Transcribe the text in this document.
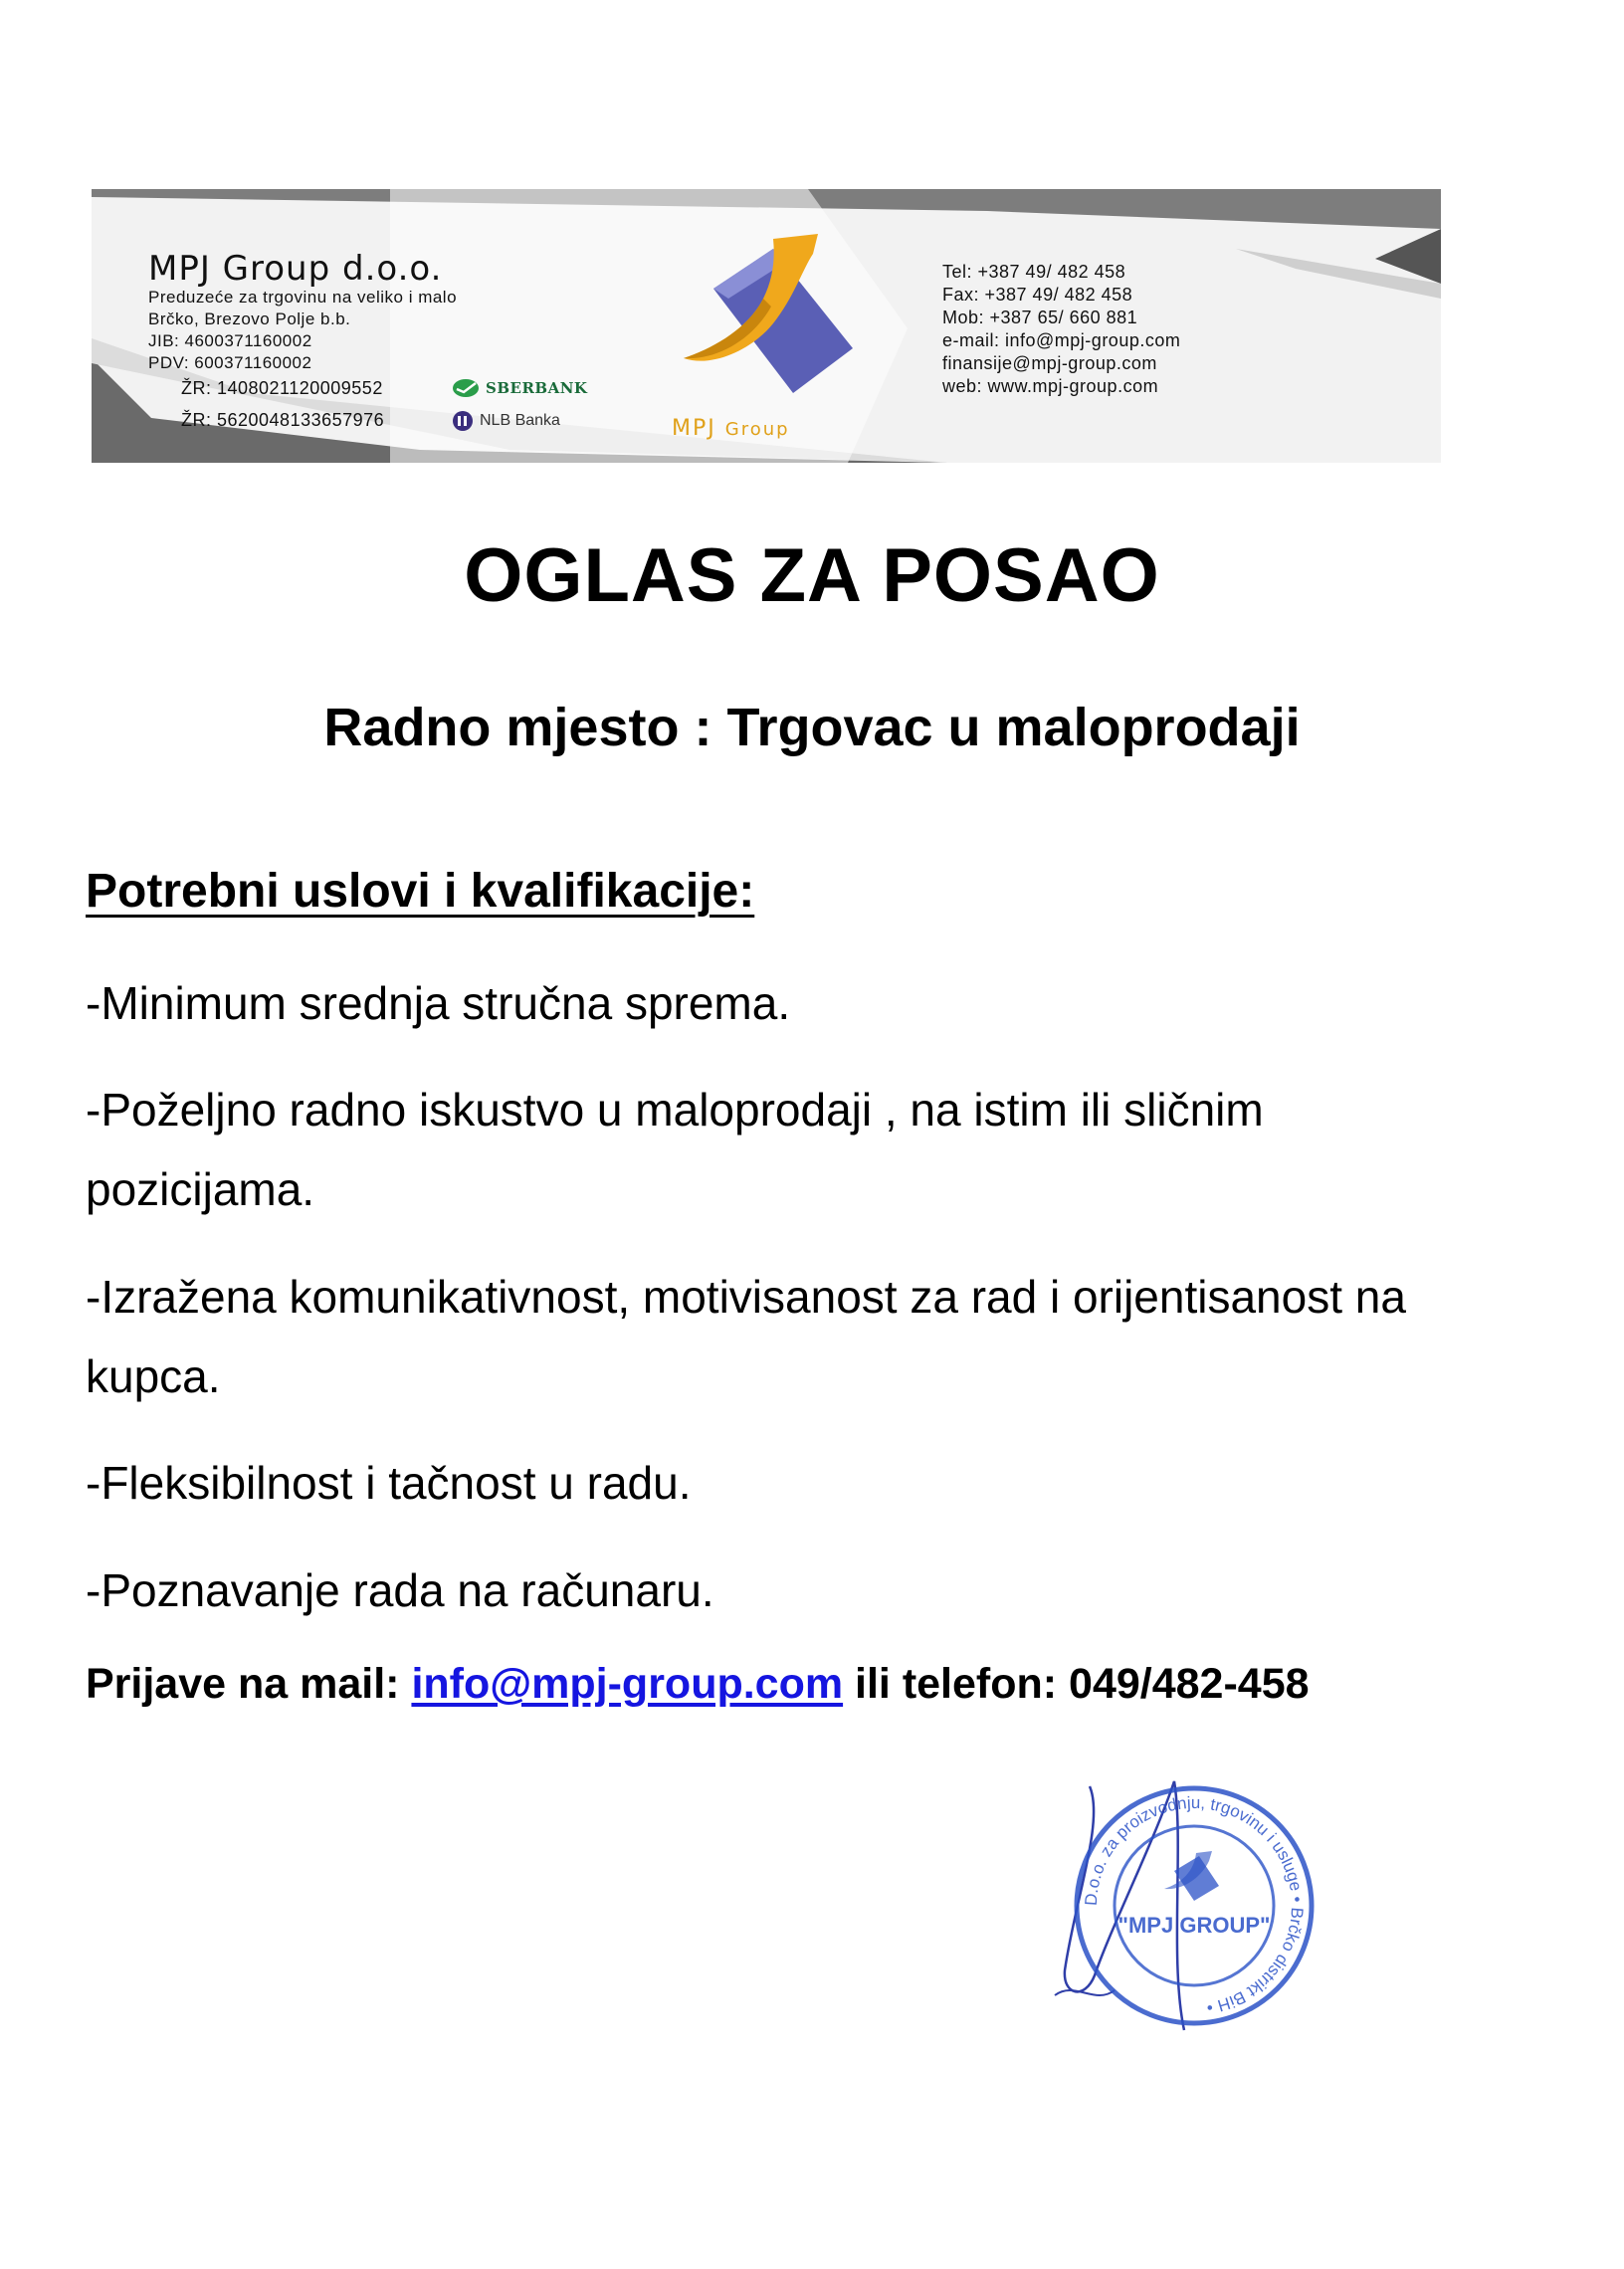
MPJ Group d.o.o.
Preduzeće za trgovinu na veliko i malo
Brčko, Brezovo Polje b.b.
JIB: 4600371160002
PDV: 600371160002
ŽR: 1408021120009552
ŽR: 5620048133657976
SBERBANK
NLB Banka	MPJ Group
Tel: +387 49/ 482 458
Fax: +387 49/ 482 458
Mob: +387 65/ 660 881
e-mail: info@mpj-group.com
finansije@mpj-group.com
web: www.mpj-group.com
OGLAS ZA POSAO
Radno mjesto : Trgovac u maloprodaji
Potrebni uslovi i kvalifikacije:
-Minimum srednja stručna sprema.
-Poželjno radno iskustvo u maloprodaji , na istim ili sličnim pozicijama.
-Izražena komunikativnost, motivisanost za rad i orijentisanost na kupca.
-Fleksibilnost i tačnost u radu.
-Poznavanje rada na računaru.
Prijave na mail: info@mpj-group.com ili telefon: 049/482-458
D.o.o. za proizvodnju, trgovinu i usluge • Brčko distrikt BiH •
"MPJ GROUP"
